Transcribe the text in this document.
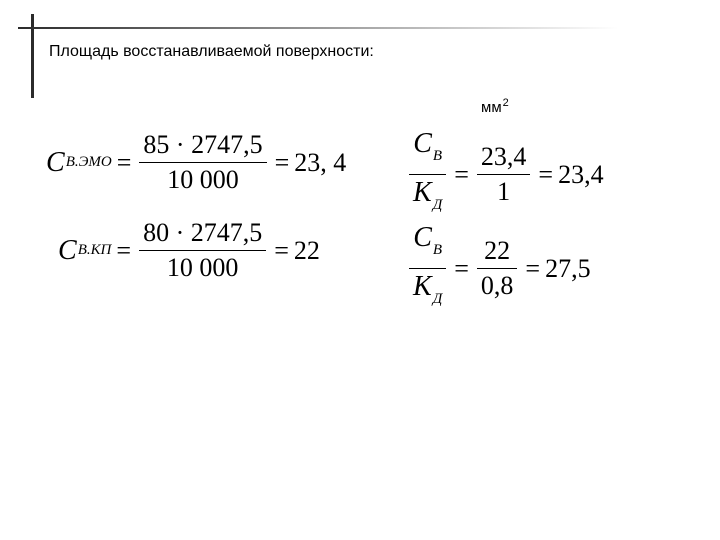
Площадь восстанавливаемой поверхности:
$мм^2$
C $В.ЭМО = \frac{85 \cdot 2747,5}{10 000} = 23$, 4
C $В.КП = \frac{80 \cdot 2747,5}{10 000} = 22$
$\frac{C_В}{K_Д} = \frac{23,4}{1} = 23,4$
$\frac{C_В}{K_Д} = \frac{22}{0,8} = 27,5$
